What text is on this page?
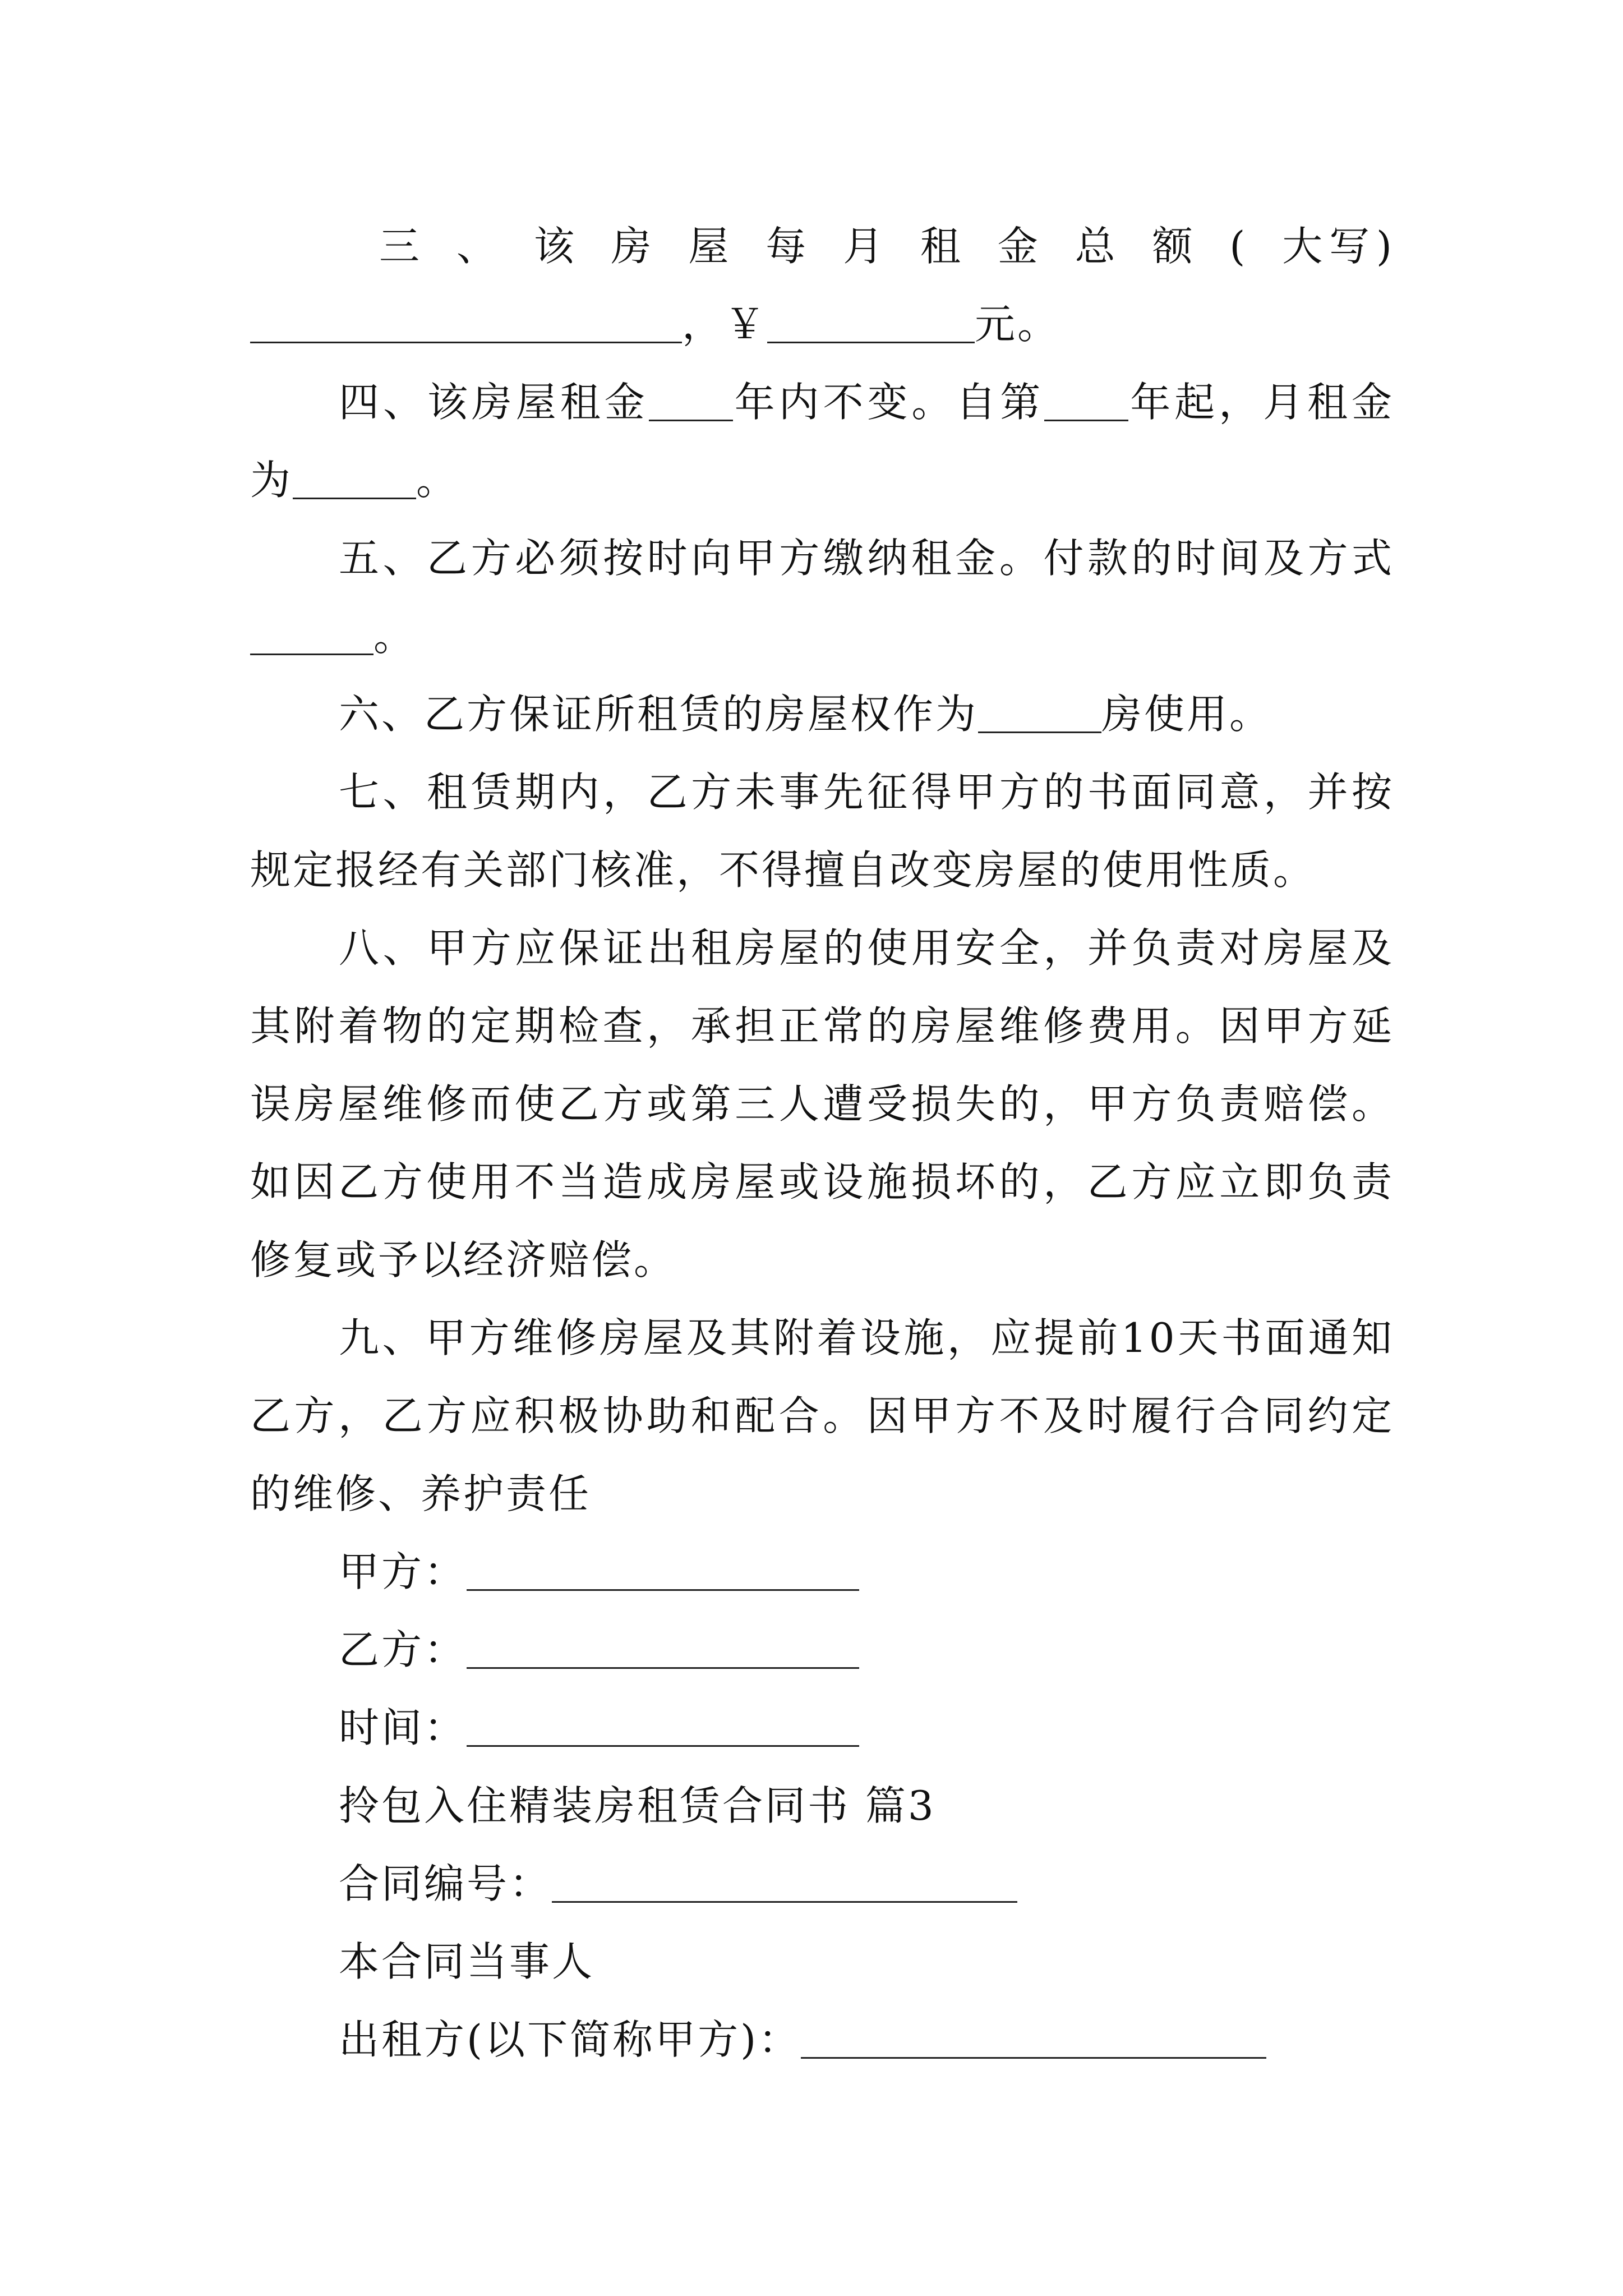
三、该房屋每月租金总额(大写)，￥	元。

四、该房屋租金 年内不变。自第 年起，月租金为	。

五、乙方必须按时向甲方缴纳租金。付款的时间及方式。

六、乙方保证所租赁的房屋权作为	房使用。

七、租赁期内，乙方未事先征得甲方的书面同意，并按规定报经有关部门核准，不得擅自改变房屋的使用性质。

八、甲方应保证出租房屋的使用安全，并负责对房屋及其附着物的定期检查，承担正常的房屋维修费用。因甲方延误房屋维修而使乙方或第三人遭受损失的，甲方负责赔偿。如因乙方使用不当造成房屋或设施损坏的，乙方应立即负责修复或予以经济赔偿。

九、甲方维修房屋及其附着设施，应提前10天书面通知乙方，乙方应积极协助和配合。因甲方不及时履行合同约定的维修、养护责任

甲方：

乙方：

时间：

拎包入住精装房租赁合同书 篇3

合同编号：

本合同当事人

出租方(以下简称甲方)：
